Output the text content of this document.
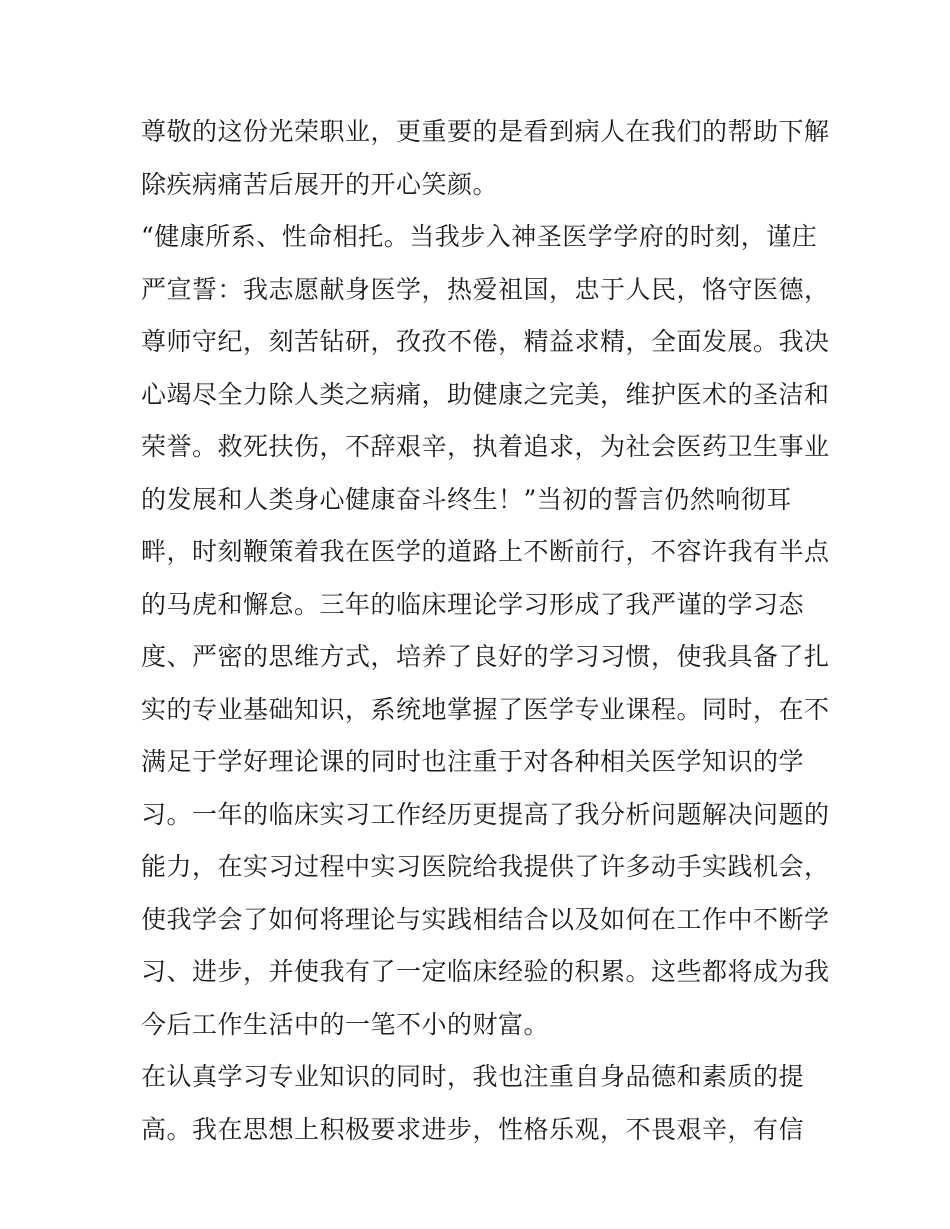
尊敬的这份光荣职业，更重要的是看到病人在我们的帮助下解
除疾病痛苦后展开的开心笑颜。
“健康所系、性命相托。当我步入神圣医学学府的时刻，谨庄
严宣誓：我志愿献身医学，热爱祖国，忠于人民，恪守医德，
尊师守纪，刻苦钻研，孜孜不倦，精益求精，全面发展。我决
心竭尽全力除人类之病痛，助健康之完美，维护医术的圣洁和
荣誉。救死扶伤，不辞艰辛，执着追求，为社会医药卫生事业
的发展和人类身心健康奋斗终生！”当初的誓言仍然响彻耳
畔，时刻鞭策着我在医学的道路上不断前行，不容许我有半点
的马虎和懈怠。三年的临床理论学习形成了我严谨的学习态
度、严密的思维方式，培养了良好的学习习惯，使我具备了扎
实的专业基础知识，系统地掌握了医学专业课程。同时，在不
满足于学好理论课的同时也注重于对各种相关医学知识的学
习。一年的临床实习工作经历更提高了我分析问题解决问题的
能力，在实习过程中实习医院给我提供了许多动手实践机会，
使我学会了如何将理论与实践相结合以及如何在工作中不断学
习、进步，并使我有了一定临床经验的积累。这些都将成为我
今后工作生活中的一笔不小的财富。
在认真学习专业知识的同时，我也注重自身品德和素质的提
高。我在思想上积极要求进步，性格乐观，不畏艰辛，有信
